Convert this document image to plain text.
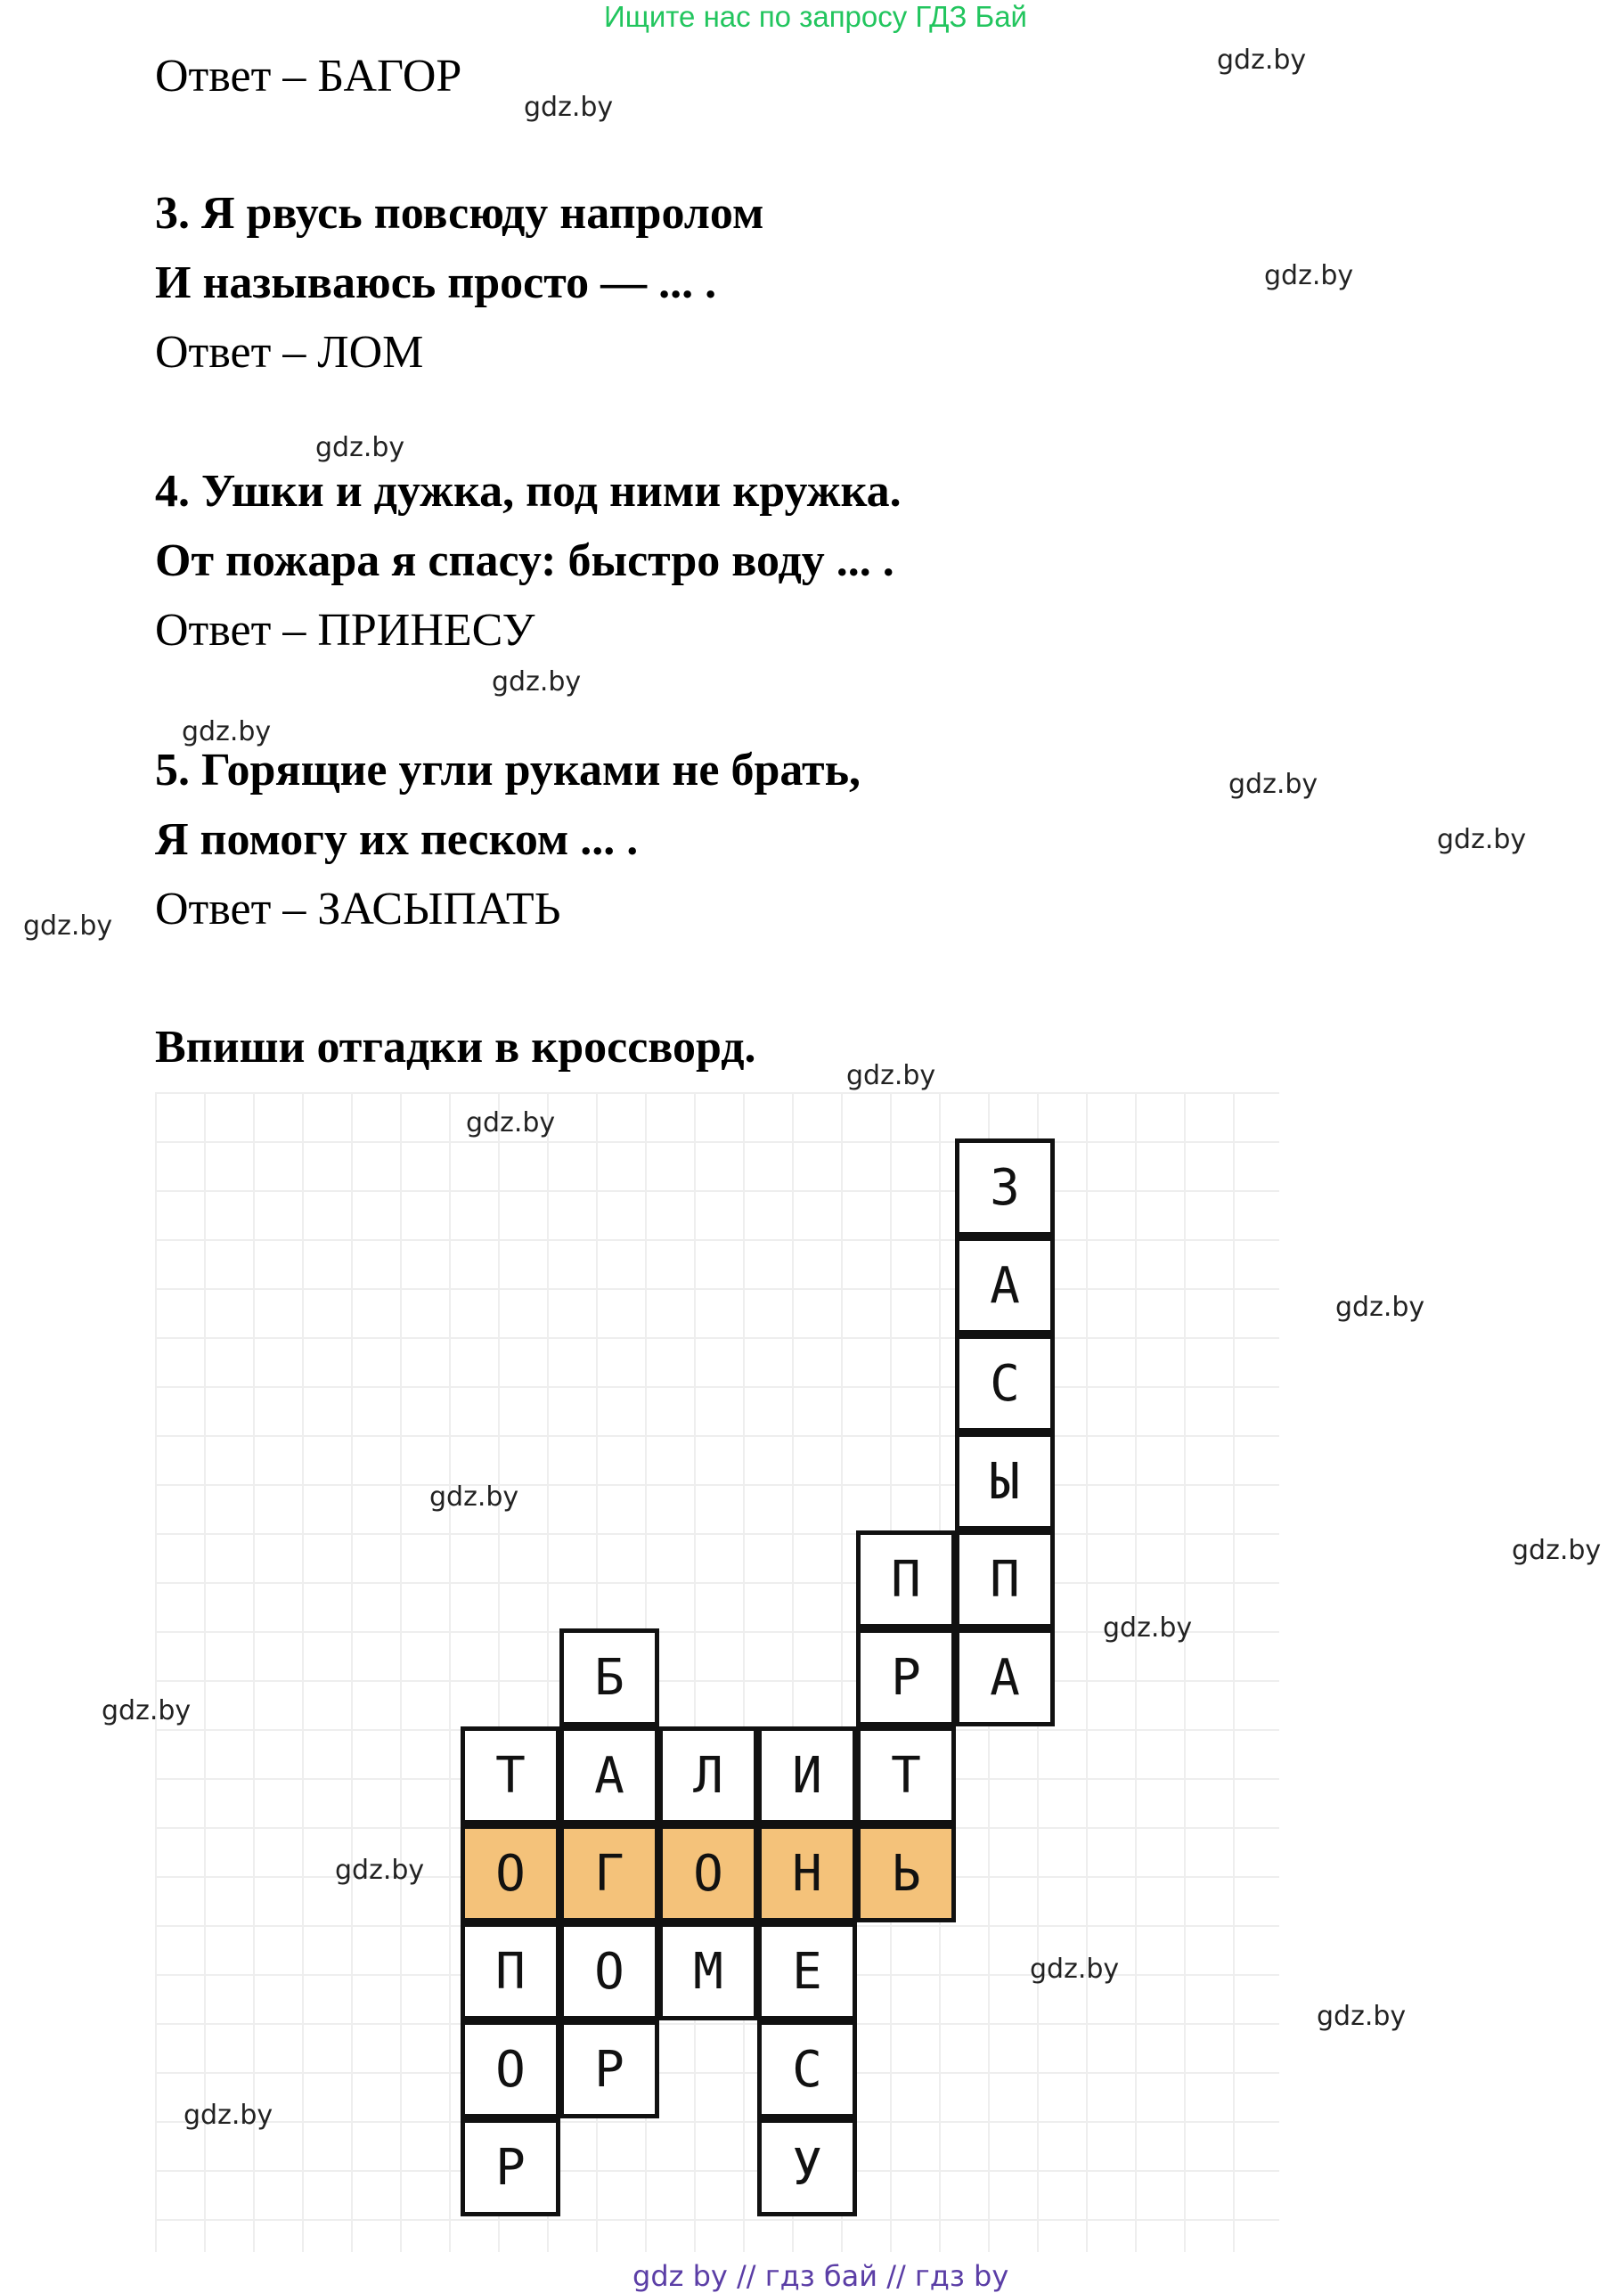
Ищите нас по запросу ГДЗ Бай
Ответ – БАГОР
3. Я рвусь повсюду напролом
И называюсь просто — ... .
Ответ – ЛОМ
4. Ушки и дужка, под ними кружка.
От пожара я спасу: быстро воду ... .
Ответ – ПРИНЕСУ
5. Горящие угли руками не брать,
Я помогу их песком ... .
Ответ – ЗАСЫПАТЬ
Впиши отгадки в кроссворд.
З
А
С
Ы
П	П
Б	Р	А
Т	А	Л	И	Т
О	Г	О	Н	Ь
П	О	М	Е
О	Р	С
Р	У
gdz.by
gdz.by
gdz.by
gdz.by
gdz.by
gdz.by
gdz.by
gdz.by
gdz.by
gdz.by
gdz.by
gdz.by
gdz.by
gdz.by
gdz.by
gdz.by
gdz.by
gdz.by
gdz.by
gdz.by
gdz by // гдз бай // гдз by
